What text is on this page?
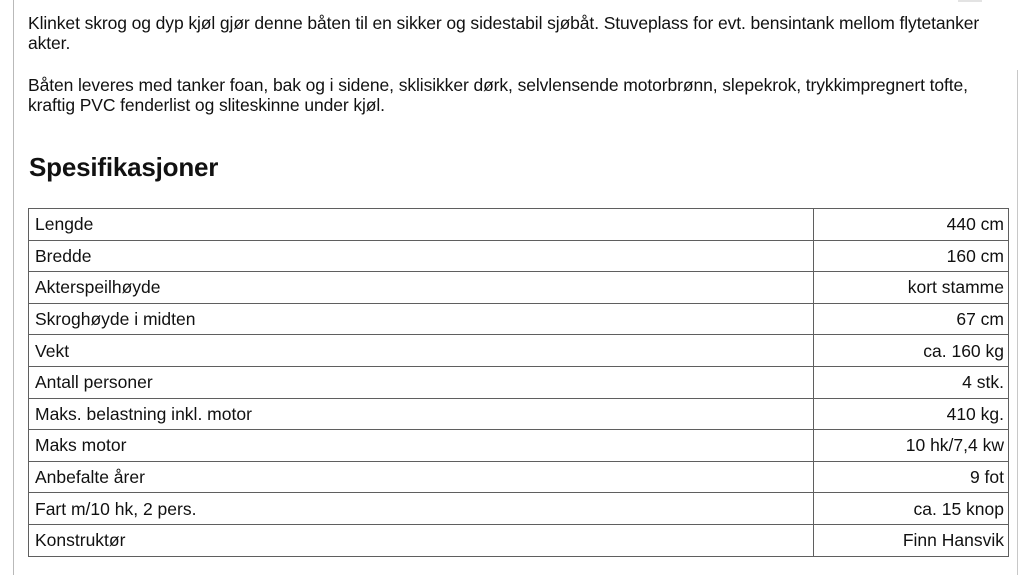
Klinket skrog og dyp kjøl gjør denne båten til en sikker og sidestabil sjøbåt. Stuveplass for evt. bensintank mellom flytetanker akter.

Båten leveres med tanker foan, bak og i sidene, sklisikker dørk, selvlensende motorbrønn, slepekrok, trykkimpregnert tofte, kraftig PVC fenderlist og sliteskinne under kjøl.

Spesifikasjoner
Lengde	440 cm
Bredde	160 cm
Akterspeilhøyde	kort stamme
Skroghøyde i midten	67 cm
Vekt	ca. 160 kg
Antall personer	4 stk.
Maks. belastning inkl. motor	410 kg.
Maks motor	10 hk/7,4 kw
Anbefalte årer	9 fot
Fart m/10 hk, 2 pers.	ca. 15 knop
Konstruktør	Finn Hansvik
